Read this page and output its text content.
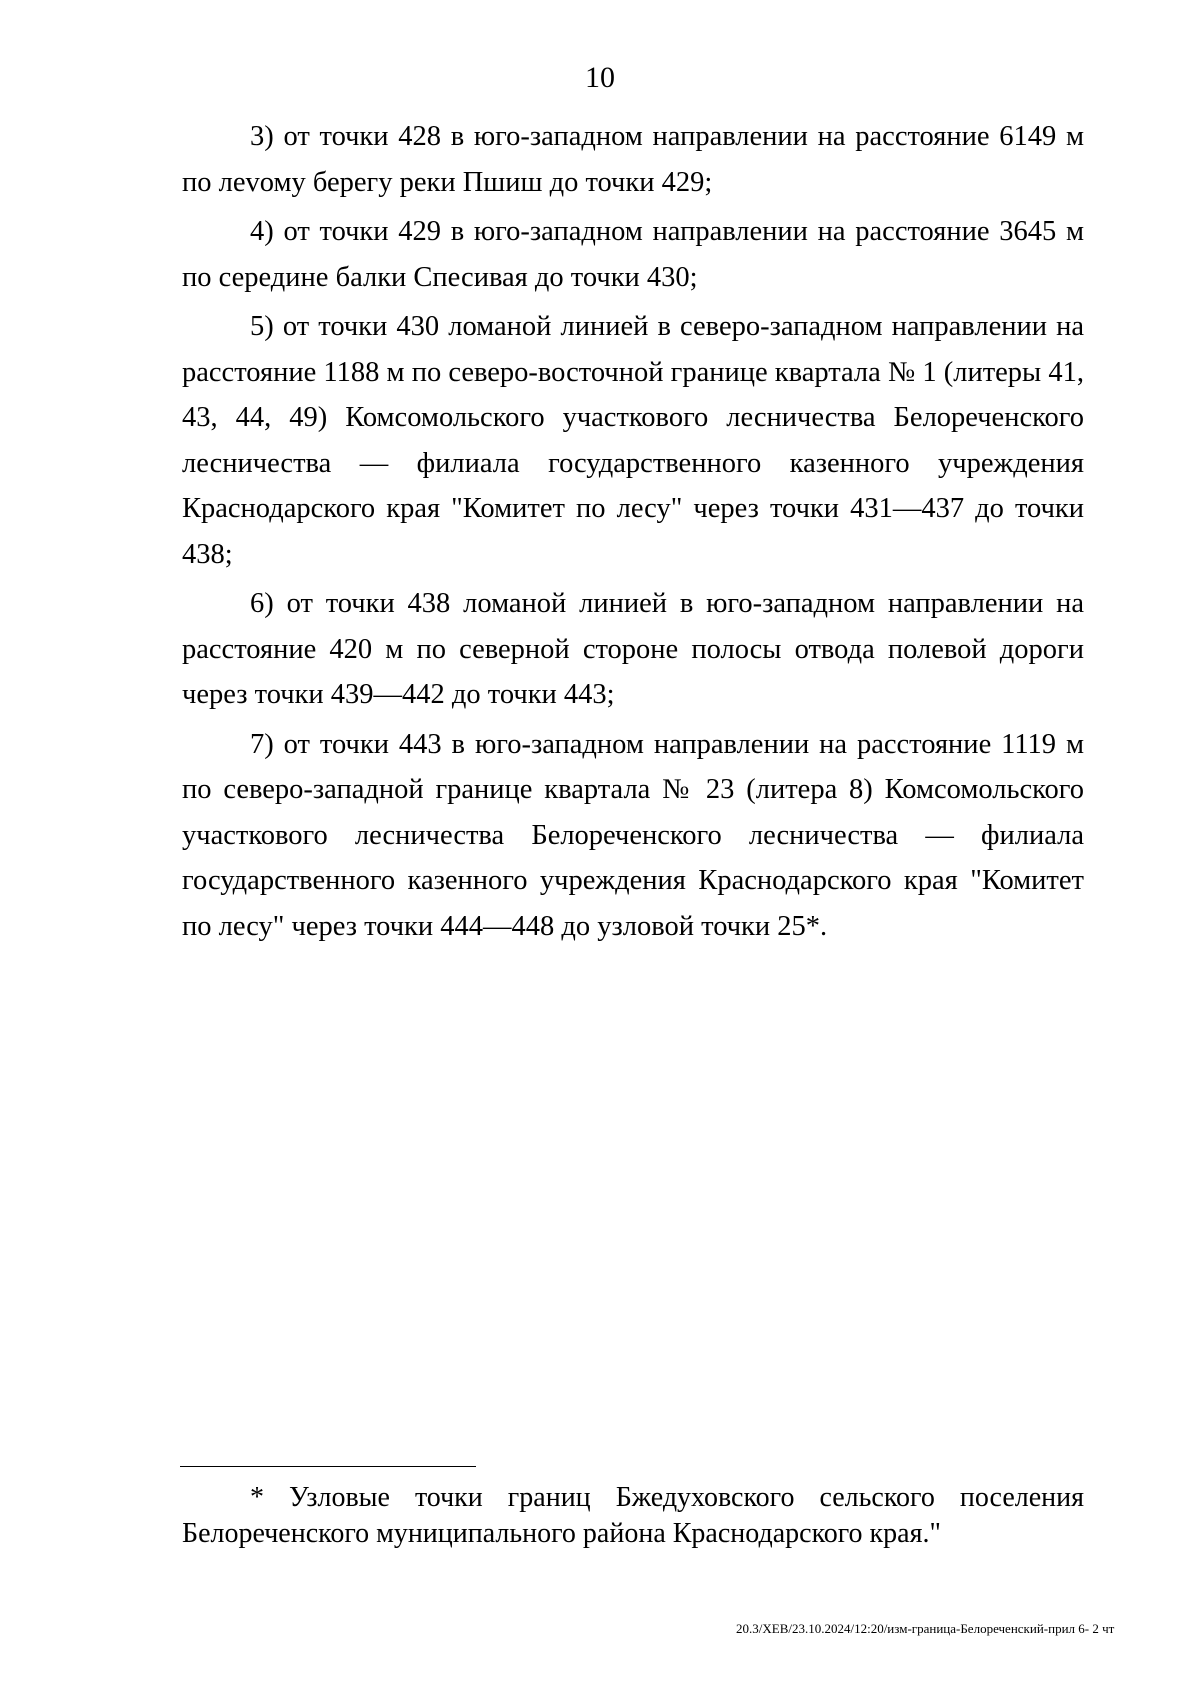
10

3) от точки 428 в юго-западном направлении на расстояние 6149 м по леvому берегу реки Пшиш до точки 429;

4) от точки 429 в юго-западном направлении на расстояние 3645 м по середине балки Спесивая до точки 430;

5) от точки 430 ломаной линией в северо-западном направлении на расстояние 1188 м по северо-восточной границе квартала № 1 (литеры 41, 43, 44, 49) Комсомольского участкового лесничества Белореченского лесничества — филиала государственного казенного учреждения Краснодарского края "Комитет по лесу" через точки 431—437 до точки 438;

6) от точки 438 ломаной линией в юго-западном направлении на расстояние 420 м по северной стороне полосы отвода полевой дороги через точки 439—442 до точки 443;

7) от точки 443 в юго-западном направлении на расстояние 1119 м по северо-западной границе квартала № 23 (литера 8) Комсомольского участкового лесничества Белореченского лесничества — филиала государственного казенного учреждения Краснодарского края "Комитет по лесу" через точки 444—448 до узловой точки 25*.

* Узловые точки границ Бжедуховского сельского поселения Белореченского муниципального района Краснодарского края."

20.3/ХЕВ/23.10.2024/12:20/изм-граница-Белореченский-прил 6- 2 чт
